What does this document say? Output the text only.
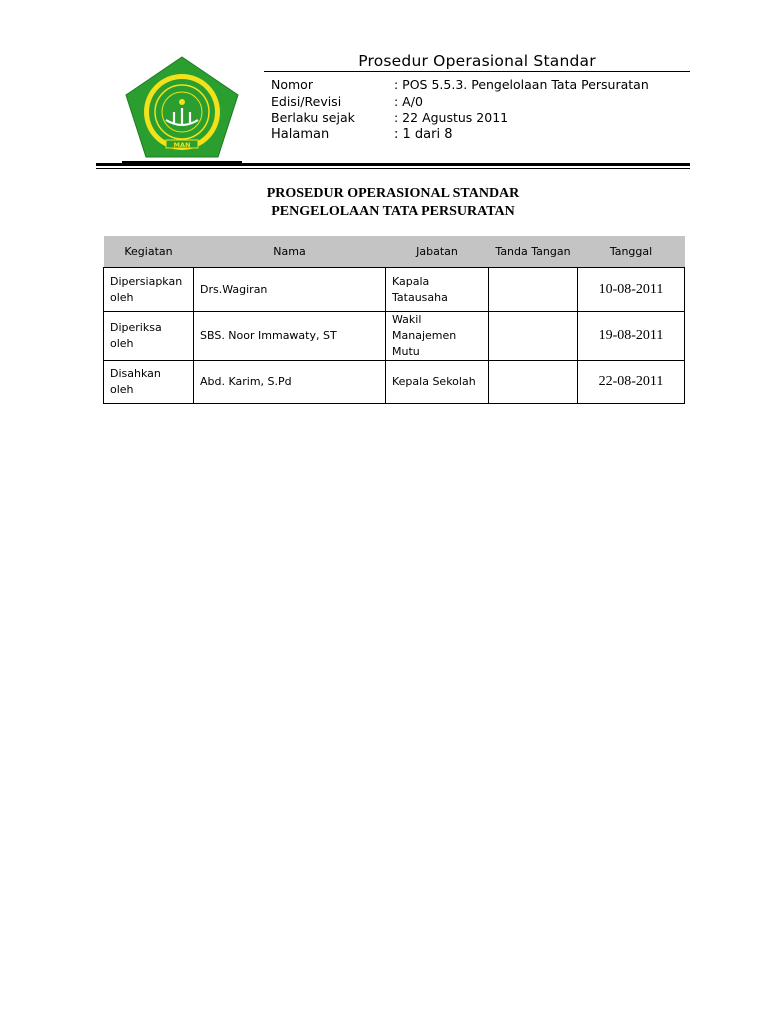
MAN
Prosedur Operasional Standar
Nomor	: POS 5.5.3. Pengelolaan Tata Persuratan
Edisi/Revisi	: A/0
Berlaku sejak	: 22 Agustus 2011
Halaman	: 1 dari 8
PROSEDUR OPERASIONAL STANDAR
PENGELOLAAN TATA PERSURATAN
Kegiatan	Nama	Jabatan	Tanda Tangan	Tanggal
Dipersiapkan oleh	Drs.Wagiran	Kapala Tatausaha		10-08-2011
Diperiksa oleh	SBS. Noor Immawaty, ST	Wakil Manajemen Mutu		19-08-2011
Disahkan oleh	Abd. Karim, S.Pd	Kepala Sekolah		22-08-2011
